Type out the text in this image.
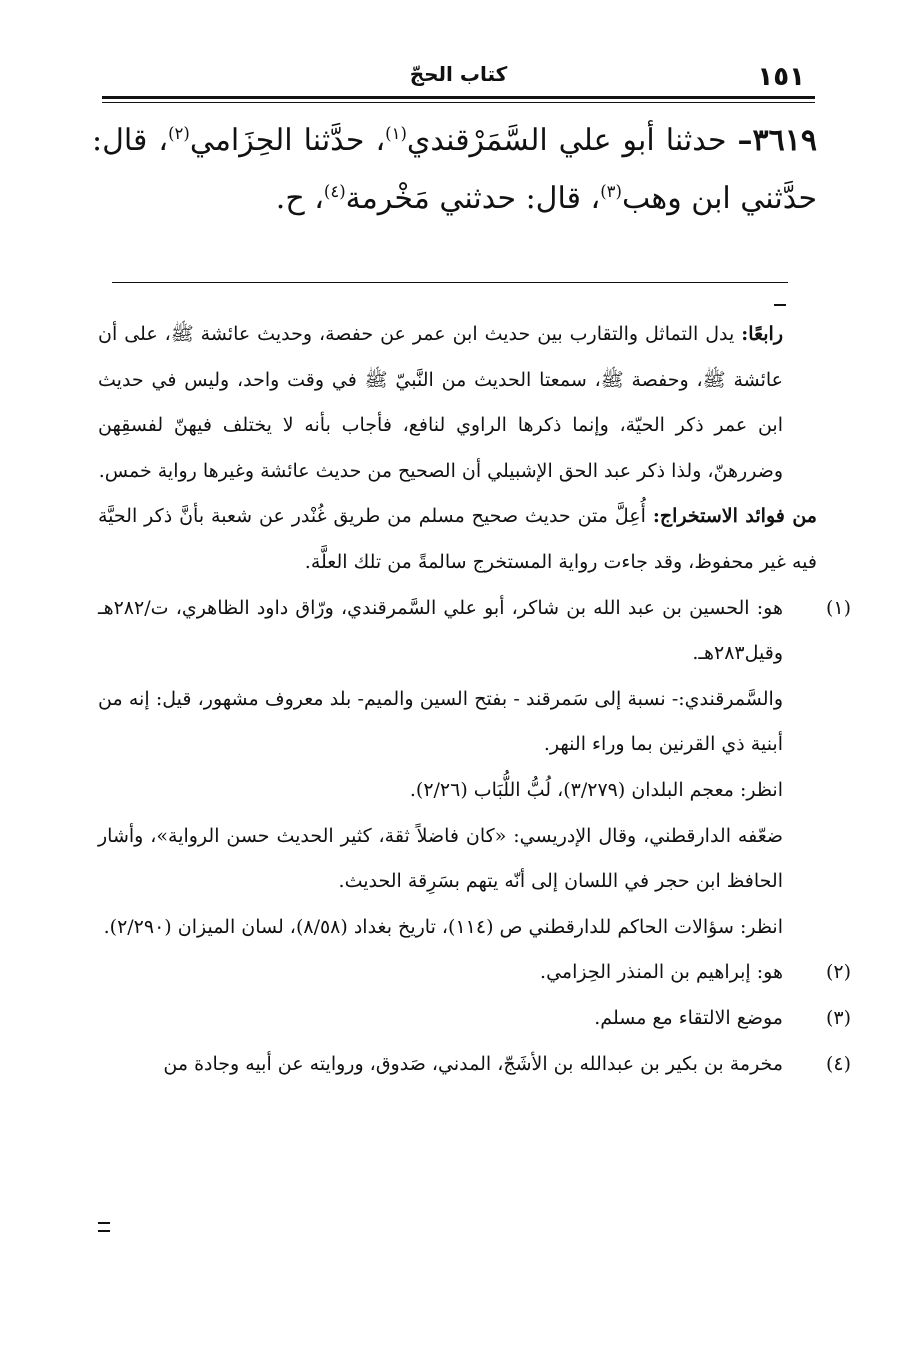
١٥١
كتاب الحجّ
٣٦١٩– حدثنا أبو علي السَّمَرْقندي$^{(١)}$، حدَّثنا الحِزَامي$^{(٢)}$، قال: حدَّثني ابن وهب$^{(٣)}$، قال: حدثني مَخْرمة$^{(٤)}$، ح.

رابعًا: يدل التماثل والتقارب بين حديث ابن عمر عن حفصة، وحديث عائشة ﷺ، على أن عائشة ﷺ، وحفصة ﷺ، سمعتا الحديث من النَّبيّ ﷺ في وقت واحد، وليس في حديث ابن عمر ذكر الحيّة، وإنما ذكرها الراوي لنافع، فأجاب بأنه لا يختلف فيهنّ لفسقِهن وضررهنّ، ولذا ذكر عبد الحق الإشبيلي أن الصحيح من حديث عائشة وغيرها رواية خمس.

من فوائد الاستخراج: أُعِلَّ متن حديث صحيح مسلم من طريق غُنْدر عن شعبة بأنَّ ذكر الحيَّة فيه غير محفوظ، وقد جاءت رواية المستخرج سالمةً من تلك العلَّة.

(١)هو: الحسين بن عبد الله بن شاكر، أبو علي السَّمرقندي، ورّاق داود الظاهري، ت/٢٨٢هـ وقيل٢٨٣هـ.

والسَّمرقندي:- نسبة إلى سَمرقند - بفتح السين والميم- بلد معروف مشهور، قيل: إنه من أبنية ذي القرنين بما وراء النهر.

انظر: معجم البلدان (٣/٢٧٩)، لُبُّ اللُّبَاب (٢/٢٦).

ضعّفه الدارقطني، وقال الإدريسي: «كان فاضلاً ثقة، كثير الحديث حسن الرواية»، وأشار الحافظ ابن حجر في اللسان إلى أنّه يتهم بسَرِقة الحديث.

انظر: سؤالات الحاكم للدارقطني ص (١١٤)، تاريخ بغداد (٨/٥٨)، لسان الميزان (٢/٢٩٠).

(٢)هو: إبراهيم بن المنذر الحِزامي.

(٣)موضع الالتقاء مع مسلم.

(٤)مخرمة بن بكير بن عبدالله بن الأشَجّ، المدني، صَدوق، وروايته عن أبيه وجادة من
